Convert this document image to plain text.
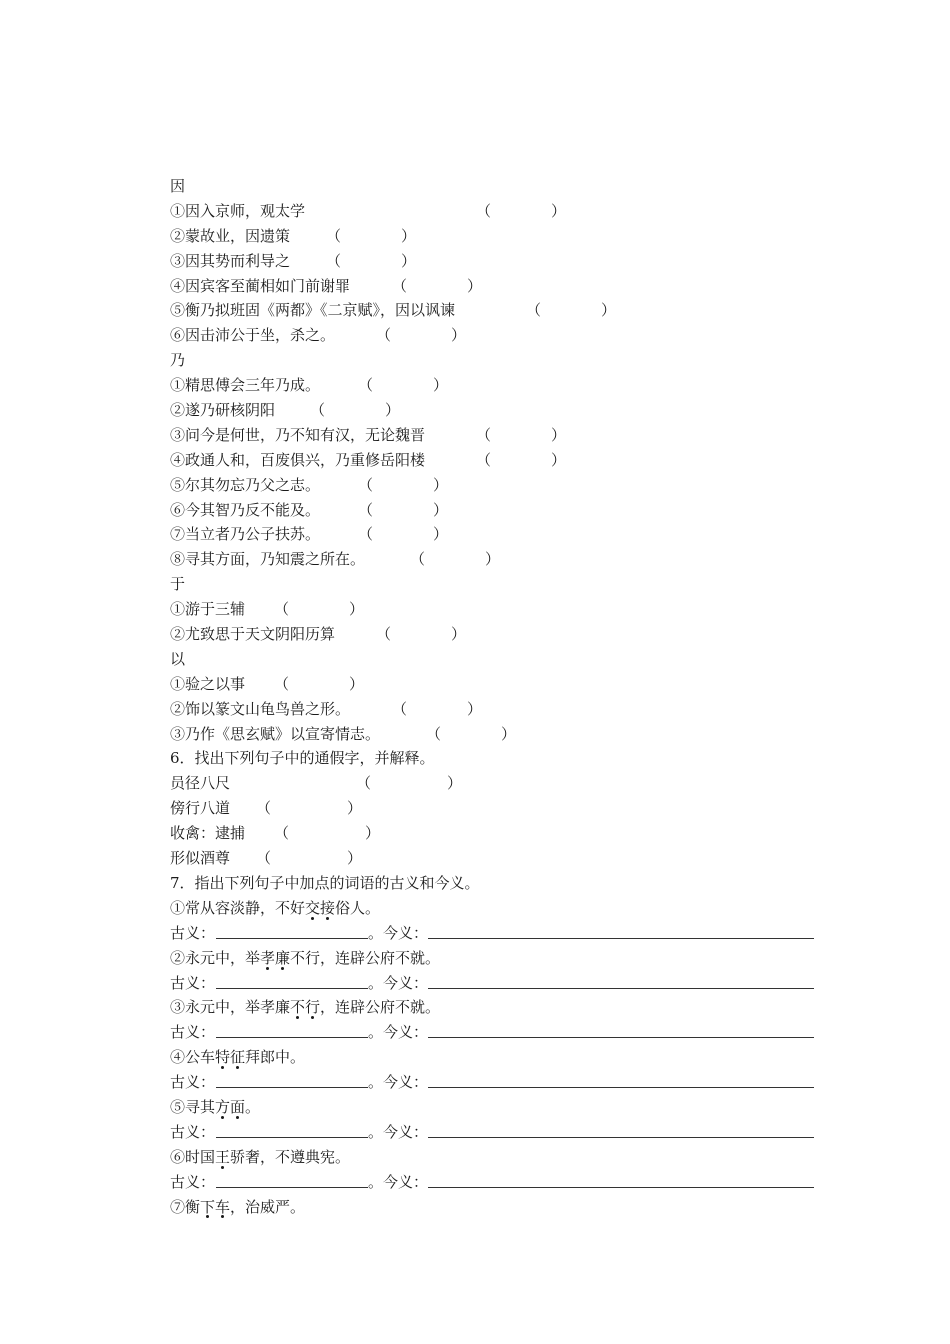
因
①因入京师，观太学	（	）
②蒙故业，因遗策 （	）
③因其势而利导之 （	）
④因宾客至蔺相如门前谢罪	（	）
⑤衡乃拟班固《两都》《二京赋》，因以讽谏	（	）
⑥因击沛公于坐，杀之。	（	）
乃
①精思傅会三年乃成。	（	）
②遂乃研核阴阳 （	）
③问今是何世，乃不知有汉，无论魏晋	（	）
④政通人和，百废俱兴，乃重修岳阳楼	（	）
⑤尔其勿忘乃父之志。	（	）
⑥今其智乃反不能及。	（	）
⑦当立者乃公子扶苏。	（	）
⑧寻其方面，乃知震之所在。	（	）
于
①游于三辅 （	）
②尤致思于天文阴阳历算	（	）
以
①验之以事 （	）
②饰以篆文山龟鸟兽之形。	（	）
③乃作《思玄赋》以宣寄情志。	（	）
6．找出下列句子中的通假字，并解释。
员径八尺	（	）
傍行八道 （	）
收禽：逮捕 （	）
形似酒尊 （	）
7．指出下列句子中加点的词语的古义和今义。
①常从容淡静，不好交接俗人。
古义：	。今义：
②永元中，举孝廉不行，连辟公府不就。
古义：	。今义：
③永元中，举孝廉不行，连辟公府不就。
古义：	。今义：
④公车特征拜郎中。
古义：	。今义：
⑤寻其方面。
古义：	。今义：
⑥时国王骄奢，不遵典宪。
古义：	。今义：
⑦衡下车，治威严。
